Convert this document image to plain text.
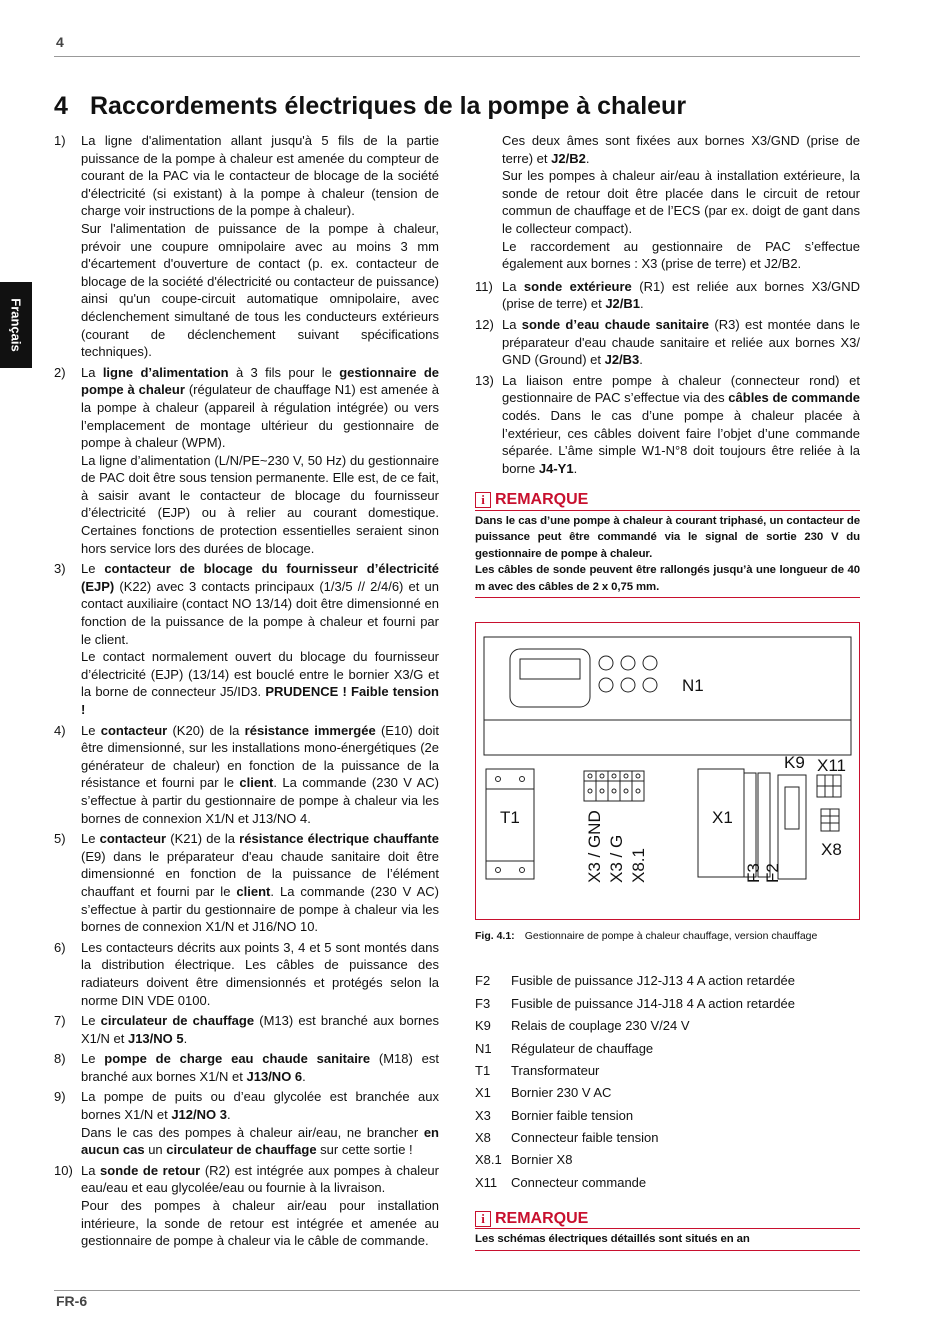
4
Français
4 Raccordements électriques de la pompe à chaleur
1)	La ligne d'alimentation allant jusqu'à 5 fils de la partie puissance de la pompe à chaleur est amenée du compteur de courant de la PAC via le contacteur de blocage de la société d'électricité (si existant) à la pompe à chaleur (tension de charge voir instructions de la pompe à chaleur).
Sur l'alimentation de puissance de la pompe à chaleur, prévoir une coupure omnipolaire avec au moins 3 mm d'écartement d'ouverture de contact (p. ex. contacteur de blocage de la société d'électricité ou contacteur de puissance) ainsi qu'un coupe-circuit automatique omnipolaire, avec déclenchement simultané de tous les conducteurs extérieurs (courant de déclenchement suivant spécifications techniques).
2)	La ligne d’alimentation à 3 fils pour le gestionnaire de pompe à chaleur (régulateur de chauffage N1) est amenée à la pompe à chaleur (appareil à régulation intégrée) ou vers l’emplacement de montage ultérieur du gestionnaire de pompe à chaleur (WPM).
La ligne d’alimentation (L/N/PE~230 V, 50 Hz) du gestionnaire de PAC doit être sous tension permanente. Elle est, de ce fait, à saisir avant le contacteur de blocage du fournisseur d’électricité (EJP) ou à relier au courant domestique. Certaines fonctions de protection essentielles seraient sinon hors service lors des durées de blocage.
3)	Le contacteur de blocage du fournisseur d’électricité (EJP) (K22) avec 3 contacts principaux (1/3/5 // 2/4/6) et un contact auxiliaire (contact NO 13/14) doit être dimensionné en fonction de la puissance de la pompe à chaleur et fourni par le client.
Le contact normalement ouvert du blocage du fournisseur d’électricité (EJP) (13/14) est bouclé entre le bornier X3/G et la borne de connecteur J5/ID3. PRUDENCE ! Faible tension !
4)	Le contacteur (K20) de la résistance immergée (E10) doit être dimensionné, sur les installations mono-énergétiques (2e générateur de chaleur) en fonction de la puissance de la résistance et fourni par le client. La commande (230 V AC) s’effectue à partir du gestionnaire de pompe à chaleur via les bornes de connexion X1/N et J13/NO 4.
5)	Le contacteur (K21) de la résistance électrique chauffante (E9) dans le préparateur d'eau chaude sanitaire doit être dimensionné en fonction de la puissance de l’élément chauffant et fourni par le client. La commande (230 V AC) s’effectue à partir du gestionnaire de pompe à chaleur via les bornes de connexion X1/N et J16/NO 10.
6)	Les contacteurs décrits aux points 3, 4 et 5 sont montés dans la distribution électrique. Les câbles de puissance des radiateurs doivent être dimensionnés et protégés selon la norme DIN VDE 0100.
7)	Le circulateur de chauffage (M13) est branché aux bornes X1/N et J13/NO 5.
8)	Le pompe de charge eau chaude sanitaire (M18) est branché aux bornes X1/N et J13/NO 6.
9)	La pompe de puits ou d’eau glycolée est branchée aux bornes X1/N et J12/NO 3.
Dans le cas des pompes à chaleur air/eau, ne brancher en aucun cas un circulateur de chauffage sur cette sortie !
10) La sonde de retour (R2) est intégrée aux pompes à chaleur eau/eau et eau glycolée/eau ou fournie à la livraison.
Pour des pompes à chaleur air/eau pour installation intérieure, la sonde de retour est intégrée et amenée au gestionnaire de pompe à chaleur via le câble de commande.
Ces deux âmes sont fixées aux bornes X3/GND (prise de terre) et J2/B2.
Sur les pompes à chaleur air/eau à installation extérieure, la sonde de retour doit être placée dans le circuit de retour commun de chauffage et de l’ECS (par ex. doigt de gant dans le collecteur compact).
Le raccordement au gestionnaire de PAC s’effectue également aux bornes : X3 (prise de terre) et J2/B2.
11) La sonde extérieure (R1) est reliée aux bornes X3/GND (prise de terre) et J2/B1.
12) La sonde d’eau chaude sanitaire (R3) est montée dans le préparateur d'eau chaude sanitaire et reliée aux bornes X3/ GND (Ground) et J2/B3.
13) La liaison entre pompe à chaleur (connecteur rond) et gestionnaire de PAC s’effectue via des câbles de commande codés. Dans le cas d’une pompe à chaleur placée à l’extérieur, ces câbles doivent faire l’objet d’une commande séparée. L’âme simple W1-N°8 doit toujours être reliée à la borne J4-Y1.
i REMARQUE

Dans le cas d’une pompe à chaleur à courant triphasé, un contacteur de puissance peut être commandé via le signal de sortie 230 V du gestionnaire de pompe à chaleur.

Les câbles de sonde peuvent être rallongés jusqu’à une longueur de 40 m avec des câbles de 2 x 0,75 mm.

N1
T1	X1
K9 X11
X8
X3 / GND X3 / G X8.1	F3 F2
Fig. 4.1: Gestionnaire de pompe à chaleur chauffage, version chauffage
F2	Fusible de puissance J12-J13 4 A action retardée
F3	Fusible de puissance J14-J18 4 A action retardée
K9	Relais de couplage 230 V/24 V
N1	Régulateur de chauffage
T1	Transformateur
X1	Bornier 230 V AC
X3	Bornier faible tension
X8	Connecteur faible tension
X8.1 Bornier X8
X11	Connecteur commande
i REMARQUE

Les schémas électriques détaillés sont situés en an

FR-6
